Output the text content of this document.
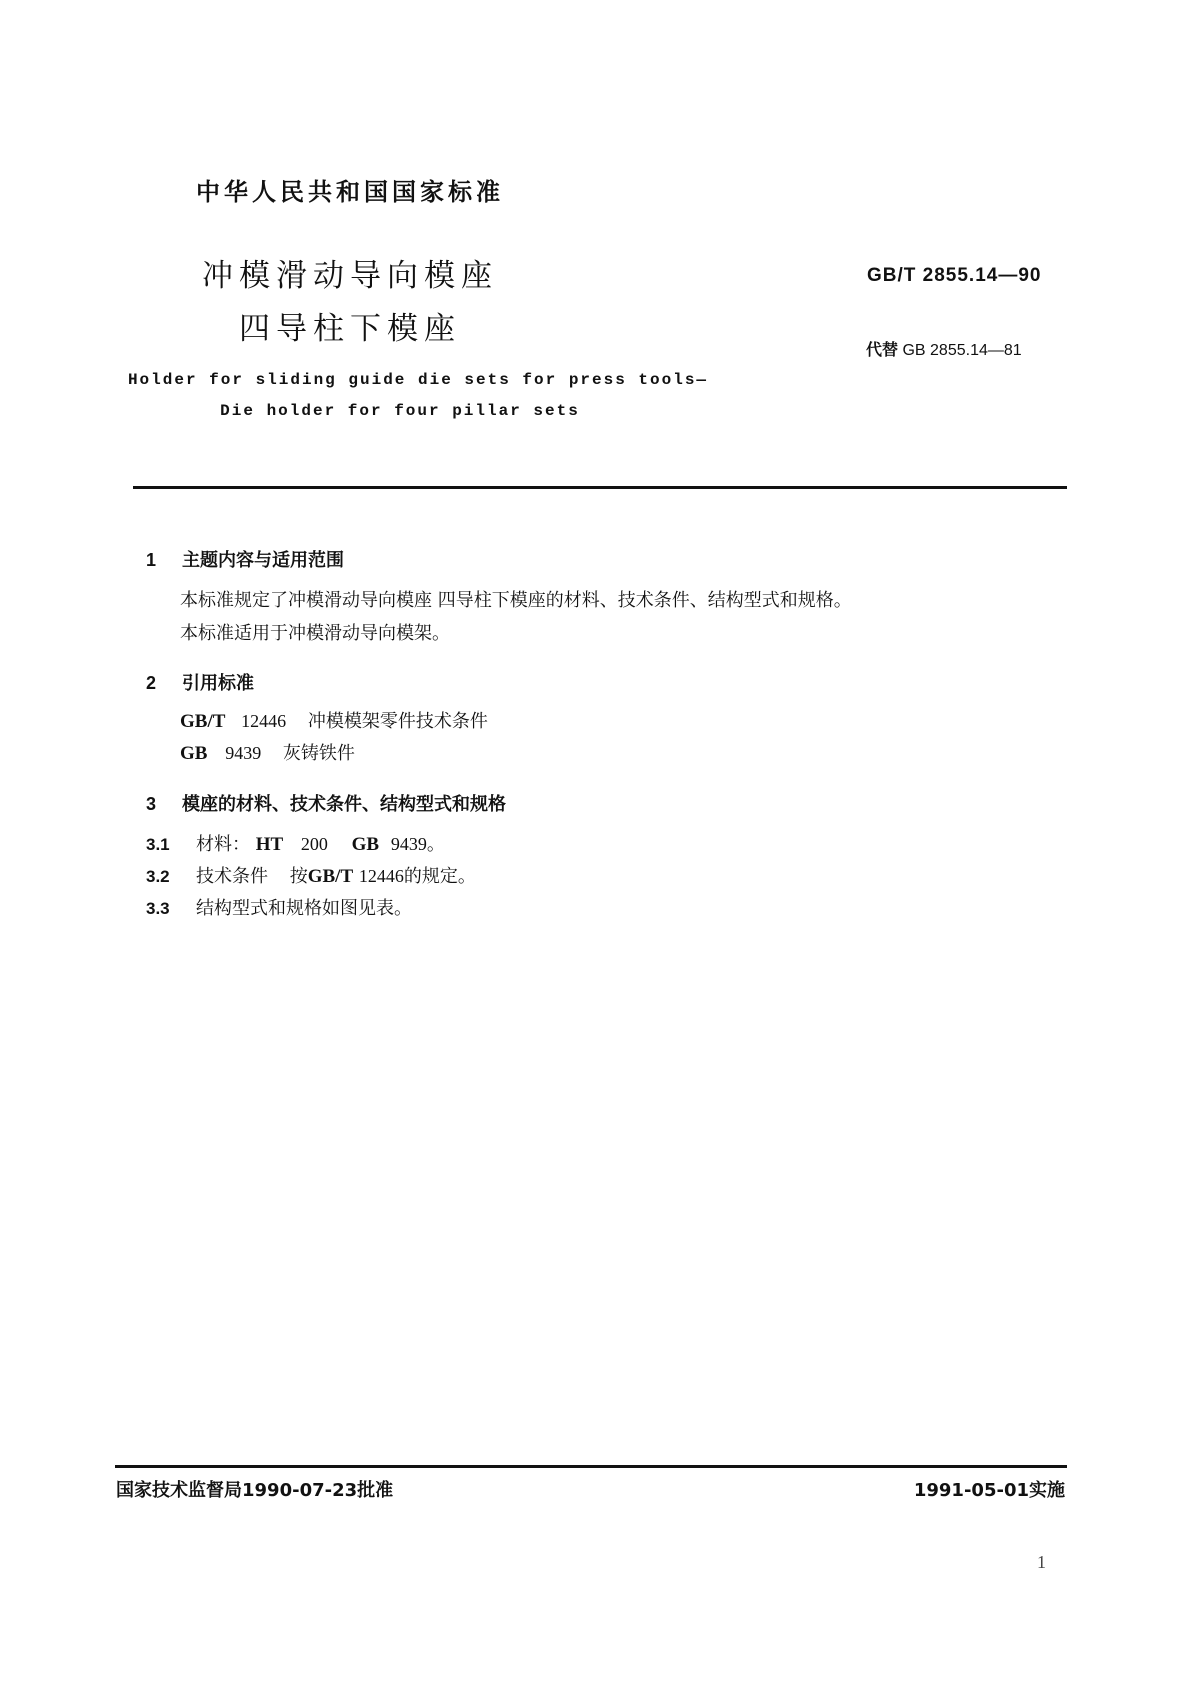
中华人民共和国国家标准
冲模滑动导向模座
四导柱下模座
GB/T 2855.14—90
代替 GB 2855.14—81
Holder for sliding guide die sets for press tools—
Die holder for four pillar sets
1 主题内容与适用范围
本标准规定了冲模滑动导向模座 四导柱下模座的材料、技术条件、结构型式和规格。
本标准适用于冲模滑动导向模架。
2 引用标准
GB/T 12446 冲模模架零件技术条件
GB 9439 灰铸铁件
3 模座的材料、技术条件、结构型式和规格
3.1 材料： HT 200 GB 9439。
3.2 技术条件 按GB/T 12446的规定。
3.3 结构型式和规格如图见表。
国家技术监督局1990-07-23批准	1991-05-01实施
1
